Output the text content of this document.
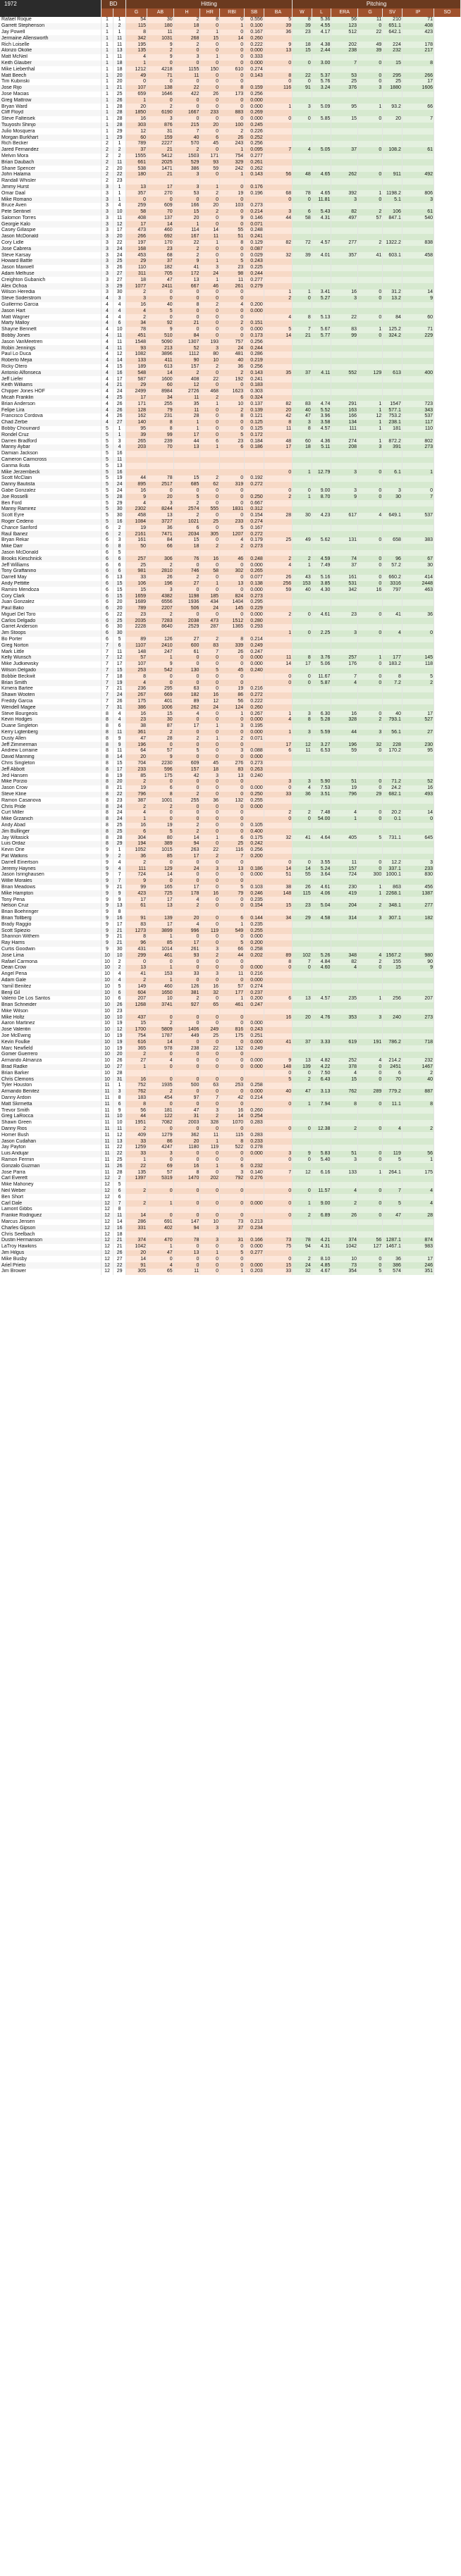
1972	BD		Hitting							Pitching						
			G	AB	H	HR	RBI	SB	BA	W	L	ERA	G	SV	IP	SO
Rafael Roque	1	1	54	30	2	8	0	0.556	5	8	5.36	56	11	210	71	
Garrett Stephenson	1	2	115	180	18	0	1	0.100	39	39	4.55	123	0	651.1	408	
Jay Powell	1	1	8	11	2	1	0	0.167	36	23	4.17	512	22	642.1	423	
Jermaine Allensworth	1	11	342	1031	268	15	14	0.260								
Rich Loiselle	1	11	195	9	2	0	0	0.222	9	18	4.38	202	49	224	178	
Alonzo Okolie	1	13	135	2	0	0	0	0.000	13	15	2.44	238	39	232	217	
Matt McNeil	1	11	4	9	3	1	0	0.333								
Keith Glauber	1	18	1	0	0	0	0	0.000	0	0	3.00	7	0	15	8	
Mike Lieberthal	1	18	1212	4218	1155	150	610	0.274								
Matt Beech	1	20	49	71	11	0	0	0.143	8	22	5.37	53	0	295	266	
Tim Kubinski	1	20	0	0	0	0	0		0	0	5.76	25	0	25	17	
Jose Rijo	1	21	107	138	22	0	8	0.159	116	91	3.24	376	3	1880	1606	
Jose Macias	1	25	659	1646	422	26	173	0.256								
Greg Mattrow	1	26	1	0	0	0	0	0.000								
Bryan Ward	1	28	20	2	0	0	0	0.000	1	3	5.09	95	1	93.2	66	
Cliff Floyd	1	28	1850	6190	1667	233	883	0.269								
Steve Falteisek	1	28	16	3	0	0	0	0.000	0	0	5.85	15	0	20	7	
Tsuyoshi Shinjo	1	28	303	876	215	20	100	0.245								
Julio Mosquera	1	29	12	31	7	0	2	0.226								
Morgan Burkhart	1	29	60	159	40	6	26	0.252								
Rich Becker	2	1	789	2227	570	45	243	0.256								
Jared Fernandez	2	2	37	21	2	0	1	0.095	7	4	5.05	37	0	108.2	61	
Melvin Mora	2	2	1555	5412	1503	171	754	0.277								
Brian Daubach	2	11	661	2025	529	93	329	0.261								
Shane Spencer	2	20	538	1471	386	59	242	0.262								
John Halama	2	22	180	21	3	0	1	0.143	56	48	4.65	262	0	911	492	
Randall Whisler	2	23														
Jimmy Hurst	3	1	13	17	3	1	0	0.176								
Omar Daal	3	1	357	270	53	2	19	0.196	68	78	4.65	392	1	1198.2	806	
Mike Romano	3	1	0	0	0	0	0		0	0	11.81	3	0	5.1	3	
Bruce Aven	3	4	259	609	166	20	103	0.273								
Pete Sentinel	3	10	58	70	15	2	0	0.214	3	6	5.43	82	2	106	61	
Salomon Torres	3	11	408	137	20	0	9	0.146	44	58	4.31	497	57	847.1	540	
Georgie Kalo	3	12	17	14	1	0	0	0.071								
Casey Gillaspie	3	17	473	460	114	14	55	0.248								
Jason McDonald	3	20	266	692	167	11	51	0.241								
Cory Lidle	3	22	197	170	22	1	8	0.129	82	72	4.57	277	2	1322.2	838	
Jose Cabrera	3	24	168	23	2	0	0	0.087								
Steve Karsay	3	24	453	68	2	0	0	0.029	32	39	4.01	357	41	603.1	458	
Howard Battle	3	25	29	37	9	1	5	0.243								
Jason Maxwell	3	26	110	182	41	3	23	0.225								
Adam Melhuse	3	27	311	705	172	24	98	0.244								
Creighton Gubanich	3	27	18	47	13	1	11	0.277								
Alex Ochoa	3	29	1077	2411	667	46	261	0.279								
Wilson Heredia	3	30	2	0	0	0	0		1	1	3.41	16	0	31.2	14	
Steve Soderstrom	4	3	3	0	0	0	0		2	0	5.27	3	0	13.2	9	
Guillermo Garcia	4	4	16	40	8	2	4	0.200								
Jason Hart	4	4	4	5	0	0	0	0.000								
Matt Wagner	4	4	2	0	0	0	0		4	8	5.13	22	0	84	60	
Marty Malloy	4	6	34	92	21	0	2	0.151								
Shayne Bennett	4	10	78	9	0	0	0	0.000	5	7	5.67	83	1	125.2	71	
Bobby Jones	4	11	451	510	84	0	0	0.173	14	21	5.77	99	0	324.2	229	
Jason VanMeetren	4	11	1548	5090	1307	193	757	0.256								
Robin Jennings	4	11	93	213	52	3	24	0.244								
Paul Lo Duca	4	12	1082	3896	1112	80	481	0.286								
Roberto Mejia	4	14	133	411	90	10	40	0.219								
Ricky Otero	4	15	189	613	157	2	36	0.256								
Antonio Alfonseca	4	16	548	14	2	0	2	0.143	35	37	4.11	552	129	613	400	
Jeff Liefer	4	17	587	1600	408	22	192	0.241								
Keith Williams	4	21	29	60	12	0	0	0.183								
Chipper Jones HOF	4	24	2499	8984	2726	468	1623	0.303								
Micah Franklin	4	25	17	34	11	2	6	0.324								
Brian Anderson	4	26	171	255	35	1	10	0.137	82	83	4.74	291	1	1547	723	
Felipe Lira	4	26	128	79	11	0	2	0.139	20	40	5.52	163	1	577.1	343	
Francisco Cordova	4	26	162	231	28	0	8	0.121	42	47	3.96	166	12	753.2	537	
Chad Zerbe	4	27	140	8	1	0	0	0.125	8	3	3.58	134	1	238.1	117	
Bobby Chouinard	5	1	95	8	1	0	0	0.125	11	8	4.57	111	1	181	110	
Rondel Cruz	5	1	39	99	17	0	5	0.172								
Darren Bradford	5	3	265	239	44	6	23	0.184	48	60	4.36	274	1	872.2	802	
Manny Aybar	5	4	203	70	13	1	6	0.186	17	18	5.11	208	3	391	273	
Damian Jackson	5	16														
Cameron Cairncross	5	11														
Ganma Ikuta	5	13														
Mike Jerzembeck	5	16							0	1	12.79	3	0	6.1	1	
Scott McClain	5	19	44	78	15	2	0	0.192								
Danny Bautista	5	24	895	2517	685	62	319	0.272								
Gabe Gonzalez	5	24	16	0	0	0	0		0	0	9.00	3	0	3	0	
Joe Rosselli	5	28	9	20	5	0	0	0.250	2	1	8.70	9	0	30	7	
Ben Ford	5	29	4	3	2	0	0	0.667								
Manny Ramirez	5	30	2302	8244	2574	555	1831	0.312								
Scott Eyre	5	30	458	13	2	0	0	0.154	28	30	4.23	617	4	649.1	537	
Roger Cedeno	5	16	1084	3727	1021	25	233	0.274								
Chance Sanford	6	2	19	36	6	0	5	0.167								
Raul Ibanez	6	2	2161	7471	2034	305	1207	0.272								
Bryan Rekar	6	3	161	84	15	0	4	0.179	25	49	5.62	131	0	658	383	
Mike Darr	6	8	50	66	18	2	2	0.273								
Jason McDonald	6	5														
Brooks Kieschnick	6	6	257	306	76	16	46	0.248	2	2	4.59	74	0	96	67	
Jeff Williams	6	6	25	2	0	0	0	0.000	4	1	7.49	37	0	57.2	30	
Tony Graffanino	6	6	981	2810	746	58	302	0.265								
Darrell May	6	13	33	26	2	0	0	0.077	26	43	5.16	161	0	660.2	414	
Andy Pettitte	6	15	106	196	27	1	13	0.138	256	153	3.85	531	0	3316	2448	
Ramiro Mendoza	6	15	15	3	0	0	0	0.000	59	40	4.30	342	16	797	463	
Cory Clark	6	15	1659	4382	1198	185	824	0.273								
Juan Gonzalez	6	20	1689	6556	1936	434	1404	0.295								
Paul Bako	6	20	789	2207	506	24	145	0.229								
Miguel Del Toro	6	22	23	2	0	0	0	0.000	2	0	4.61	23	0	41	36	
Carlos Delgado	6	25	2035	7283	2038	473	1512	0.280								
Garret Anderson	6	30	2228	8640	2529	287	1365	0.293								
Jim Stoops	6	30							1	0	2.25	3	0	4	0	
Bo Porter	6	5	89	126	27	2	8	0.214								
Greg Norton	7	6	1107	2410	600	83	339	0.249								
Mark Little	7	11	148	247	61	7	26	0.247								
Kelly Wunsch	7	12	57	1	0	0	0	0.000	11	8	3.76	257	1	177	145	
Mike Judkiewsky	7	17	107	9	0	0	0	0.000	14	17	5.06	176	0	183.2	118	
Wilson Delgado	7	15	253	542	130	5	45	0.240								
Bobbie Beckwit	7	18	8	0	0	0	0		0	0	11.67	7	0	8	5	
Brian Smith	7	19	4	0	0	0	0		0	0	5.87	4	0	7.2	2	
Kimera Bartee	7	21	236	295	63	0	19	0.216								
Shawn Wooten	7	24	267	669	182	16	86	0.272								
Freddy Garcia	7	26	175	401	89	12	56	0.222								
Wendell Magee	7	31	386	1006	262	24	124	0.260								
Steve Bourgeois	8	4	16	15	4	0	1	0.267	1	3	6.30	16	0	40	17	
Kevin Hodges	8	4	23	30	0	0	0	0.000	4	8	5.28	328	2	793.1	527	
Duane Singleton	8	6	38	87	17	1	3	0.195								
Kerry Ligtenberg	8	11	361	2	0	0	0	0.000	1	3	5.59	44	3	56.1	27	
Dusty Allen	8	9	47	28	2	1	2	0.071								
Jeff Zimmerman	8	9	196	0	0	0	0		17	12	3.27	196	32	228	230	
Andrew Lorraine	8	11	64	57	5	0	3	0.088	6	11	6.53	59	0	170.2	95	
David Manning	8	14	20	9	0	0	0	0.000								
Chris Singleton	8	15	704	2230	609	45	276	0.273								
Jeff Abbott	8	17	233	596	157	18	83	0.263								
Jed Hansen	8	19	85	175	42	3	13	0.240								
Mike Porzio	8	20	2	0	0	0	0		3	3	5.90	51	0	71.2	52	
Jason Crow	8	21	19	6	0	0	0	0.000	0	4	7.53	19	0	24.2	16	
Steve Kline	8	22	796	8	2	0	0	0.250	33	36	3.51	796	29	682.1	493	
Ramon Casanova	8	23	387	1001	255	36	132	0.255								
Chris Pride	8	24	2	2	0	0	0	0.000								
Curt Miller	8	24	4	0	0	0	0		2	2	7.48	4	0	20.2	14	
Mike Grzanich	8	24	1	0	0	0	0		0	0	54.00	1	0	0.1	0	
Andy Abad	8	25	16	19	2	0	0	0.105								
Jim Bullinger	8	25	6	5	2	0	0	0.400								
Jay Witasick	8	28	304	80	14	1	6	0.175	32	41	4.64	405	5	731.1	645	
Luis Ordaz	8	29	194	389	94	0	25	0.242								
Kevin Orie	9	1	1052	1015	263	22	116	0.256								
Pat Watkins	9	2	36	85	17	2	7	0.200								
Darrell Einertson	9	4	2	0	0	0	0		0	0	3.55	11	0	12.2	3	
Jeremy Haynes	9	4	111	129	24	3	13	0.186	14	14	5.24	157	0	337.1	233	
Jason Isringhausen	9	7	724	14	0	0	0	0.000	51	55	3.64	724	300	1000.1	830	
Willie Morales	9	7	9	0	0	0	0									
Brian Meadows	9	21	99	165	17	0	5	0.103	38	26	4.61	230	1	863	456	
Mike Hampton	9	9	423	725	178	16	79	0.246	148	115	4.06	419	1	2268.1	1387	
Tony Pena	9	9	17	17	4	0	0	0.235								
Nelson Cruz	9	13	61	13	2	0	0	0.154	15	23	5.04	204	2	348.1	277	
Brian Boehringer	9	8														
Brian Tollberg	9	16	91	139	20	0	6	0.144	34	29	4.58	314	3	307.1	182	
Brady Raggio	9	17	83	17	4	0	1	0.235								
Scott Spiezio	9	21	1273	3899	996	119	549	0.255								
Shannon Withem	9	21	8	1	0	0	0	0.000								
Ray Harris	9	21	96	85	17	0	5	0.200								
Curtis Goodwin	9	30	431	1014	261	3	66	0.258								
Jose Lima	10	10	299	461	93	2	44	0.202	89	102	5.26	348	4	1567.2	980	
Rafael Carmona	10	2	0	0	0	0	0		8	7	4.84	82	2	155	90	
Dean Crow	10	2	13	1	0	0	0	0.000	0	0	4.60	4	0	15	9	
Angel Pena	10	4	41	153	33	3	11	0.216								
Adam Gale	10	4	2	1	0	0	0	0.000								
Yamil Benitez	10	5	149	460	126	16	57	0.274								
Benji Gil	10	6	604	1650	381	32	177	0.237								
Valerio De Los Santos	10	6	207	10	2	0	1	0.200	6	13	4.57	235	1	256	207	
Brian Schneider	10	26	1268	3741	927	65	461	0.247								
Mike Wilson	10	23														
Mike Holtz	10	10	437	0	0	0	0		16	20	4.76	353	3	240	273	
Aaron Martinez	10	19	15	2	0	0	0	0.000								
Jose Valentin	10	12	1700	5809	1406	249	816	0.243								
Joe McEwing	10	19	754	1787	449	25	175	0.251								
Kevin Foulke	10	19	616	14	0	0	0	0.000	41	37	3.33	619	191	786.2	718	
Marc Newfield	10	19	365	978	238	22	132	0.249								
Gomer Guerrero	10	20	2	0	0	0	0									
Armando Almanza	10	26	27	4	0	0	0	0.000	9	13	4.82	252	4	214.2	232	
Brad Radke	10	27	1	0	0	0	0	0.000	148	139	4.22	378	0	2451	1467	
Brian Barker	10	28							0	0	7.50	4	0	6	2	
Chris Clemons	10	31	16	0	0	0	0		5	2	6.43	15	0	70	40	
Tyler Houston	11	1	752	1935	500	63	253	0.258								
Armando Benitez	11	3	762	2	0	0	0	0.000	40	47	3.13	762	289	779.2	887	
Danny Ardoin	11	8	183	454	97	7	42	0.214								
Matt Skrmetta	11	6	8	0	0	0	0		0	1	7.94	8	0	11.1	8	
Trevor Smith	11	9	56	181	47	3	16	0.260								
Greg LaRocca	11	10	44	122	31	2	14	0.254								
Shawn Green	11	10	1951	7082	2003	328	1070	0.283								
Danny Rios	11	11	2	0	0	0	0		0	0	12.38	2	0	4	2	
Homer Bush	11	12	409	1279	362	11	115	0.283								
Jason Cudahan	11	13	33	86	20	1	8	0.233								
Jay Payton	11	22	1259	4247	1180	119	522	0.278								
Luis Andujar	11	22	33	3	0	0	0	0.000	3	9	5.83	51	0	119	56	
Ramon Fermin	11	25	1	0	0	0	0		0	0	5.40	3	0	5	1	
Gonzalo Guzman	11	26	22	69	16	1	6	0.232								
Jose Parra	11	28	135	57	8	0	3	0.140	7	12	6.16	133	1	264.1	175	
Carl Everett	12	2	1397	5319	1470	202	792	0.276								
Mike Mahoney	12	5														
Neil Weber	12	6	2	0	0	0	0		0	0	11.57	4	0	7	4	
Ben Short	12	6														
Carl Dale	12	7	2	1	0	0	0	0.000	0	1	9.00	2	0	5	4	
Lamont Gibbs	12	8														
Frankie Rodriguez	12	11	14	0	0	0	0		0	2	6.89	26	0	47	28	
Marcus Jensen	12	14	286	691	147	10	73	0.213								
Charles Gipson	12	16	331	402	94	3	37	0.234								
Chris Seelbach	12	18														
Dustin Hermanson	12	21	374	470	78	3	31	0.166	73	78	4.21	374	56	1287.1	874	
LaTroy Hawkins	12	21	1042	1	0	0	0	0.000	75	94	4.31	1042	127	1467.1	983	
Jim Hilgus	12	26	20	47	13	1	5	0.277								
Mike Busby	12	27	14	0	0	0	0		0	2	8.10	10	0	36	17	
Ariel Prieto	12	22	91	4	0	0	0	0.000	15	24	4.85	73	0	386	246	
Jim Brower	12	29	305	65	11	0	1	0.203	33	32	4.67	354	5	574	351	
